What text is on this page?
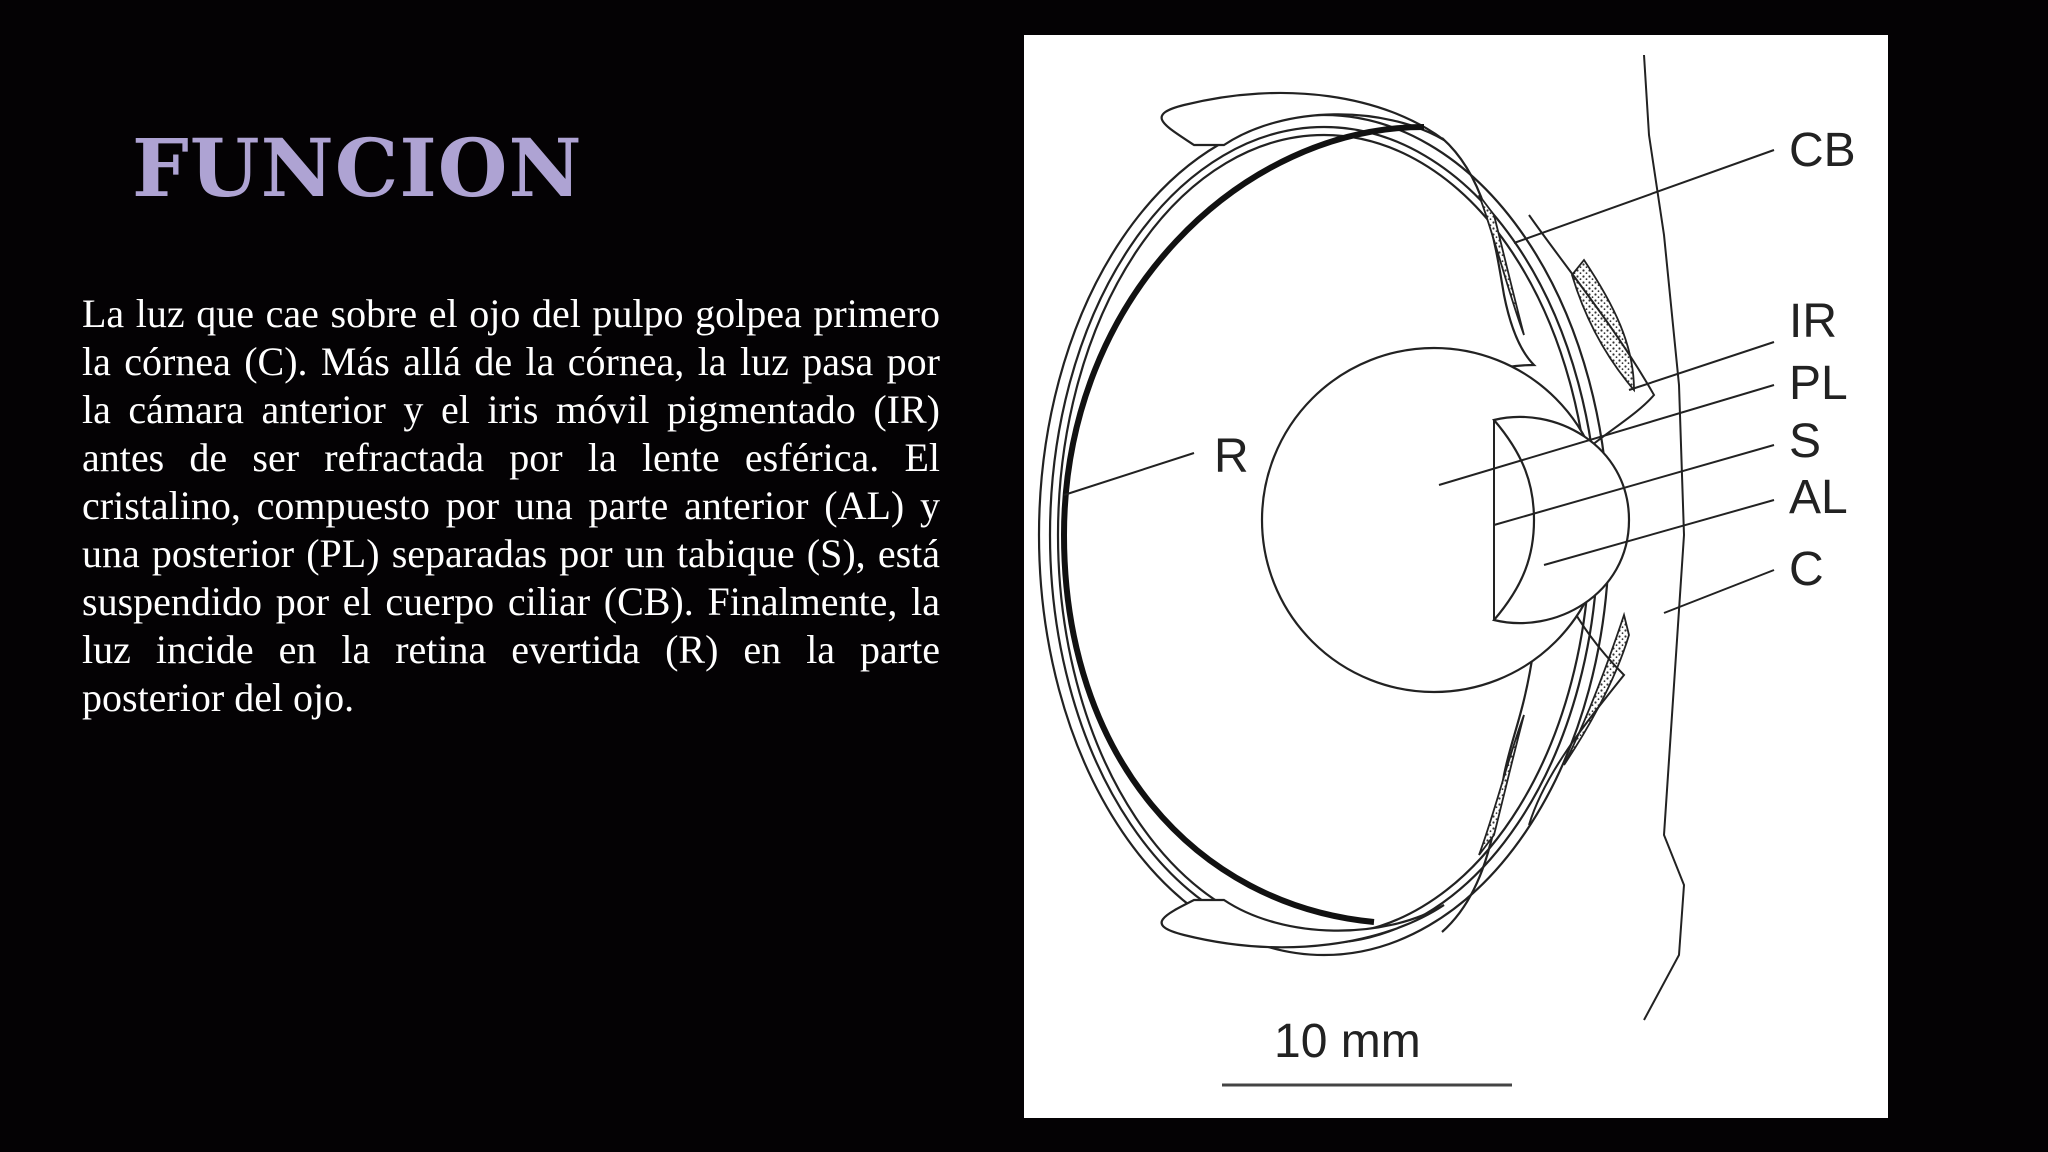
FUNCION

La luz que cae sobre el ojo del pulpo golpea primero la córnea (C). Más allá de la córnea, la luz pasa por la cámara anterior y el iris móvil pigmentado (IR) antes de ser refractada por la lente esférica. El cristalino, compuesto por una parte anterior (AL) y una posterior (PL) separadas por un tabique (S), está suspendido por el cuerpo ciliar (CB). Finalmente, la luz incide en la retina evertida (R) en la parte posterior del ojo.

CB
IR
PL
S
AL
C
R
10 mm
